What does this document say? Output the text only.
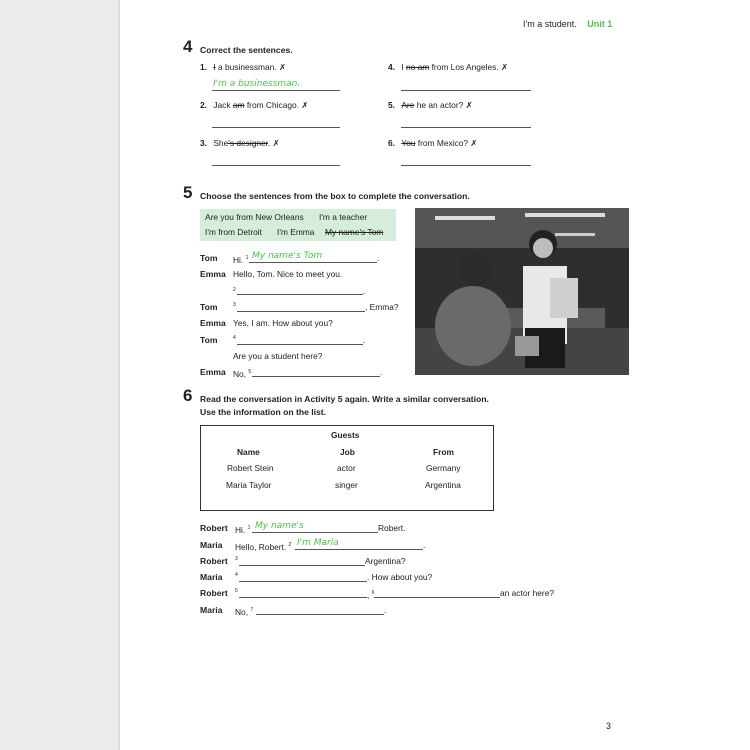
I'm a student. Unit 1
4 Correct the sentences.
1. I a businessman. ✗
I'm a businessman.
2. Jack am from Chicago. ✗
3. She's designer. ✗
4. I no am from Los Angeles. ✗
5. Are he an actor? ✗
6. You from Mexico? ✗
5 Choose the sentences from the box to complete the conversation.
Are you from New Orleans I'm a teacher
I'm from Detroit I'm Emma My name's Tom
Tom Hi. $^1$ My name's Tom	.
Emma Hello, Tom. Nice to meet you.
$^2$	.
Tom	$^3$	, Emma?
Emma Yes, I am. How about you?
Tom	$^4$	.
Are you a student here?
Emma No, $^5$	.
6 Read the conversation in Activity 5 again. Write a similar conversation.
Use the information on the list.
Guests
Name	Job	From
Robert Stein	actor	Germany
Maria Taylor	singer	Argentina
Robert Hi. $^1$ My name's	Robert.
Maria Hello, Robert. $^2$ I'm Maria	.
Robert $^3$	Argentina?
Maria	$^4$	. How about you?
Robert $^5$	, $^6$	an actor here?
Maria No, $^7$	.
3
